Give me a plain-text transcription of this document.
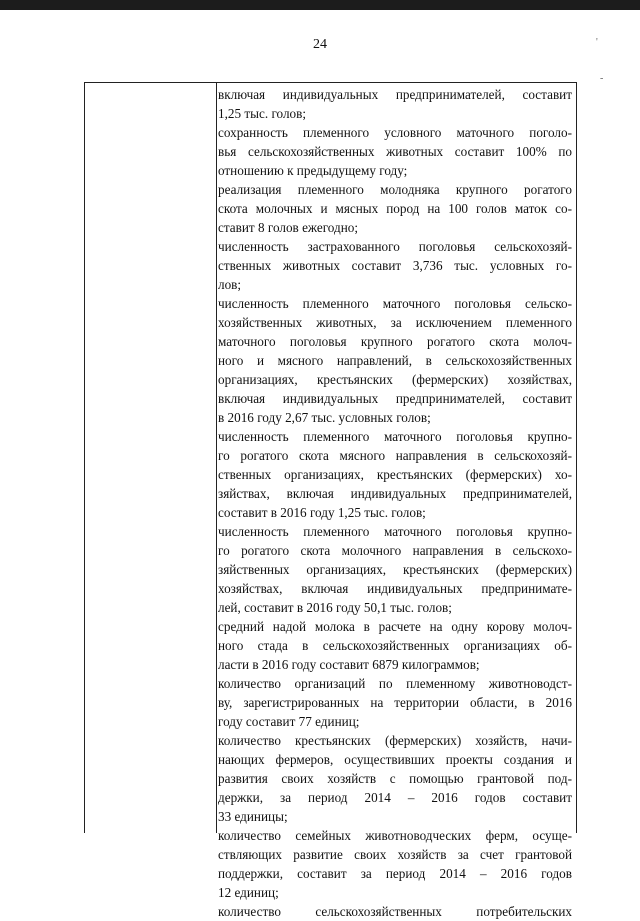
'
-
24
включая индивидуальных предпринимателей, составит
1,25 тыс. голов;
сохранность племенного условного маточного поголо-
вья сельскохозяйственных животных составит 100% по
отношению к предыдущему году;
реализация племенного молодняка крупного рогатого
скота молочных и мясных пород на 100 голов маток со-
ставит 8 голов ежегодно;
численность застрахованного поголовья сельскохозяй-
ственных животных составит 3,736 тыс. условных го-
лов;
численность племенного маточного поголовья сельско-
хозяйственных животных, за исключением племенного
маточного поголовья крупного рогатого скота молоч-
ного и мясного направлений, в сельскохозяйственных
организациях, крестьянских (фермерских) хозяйствах,
включая индивидуальных предпринимателей, составит
в 2016 году 2,67 тыс. условных голов;
численность племенного маточного поголовья крупно-
го рогатого скота мясного направления в сельскохозяй-
ственных организациях, крестьянских (фермерских) хо-
зяйствах, включая индивидуальных предпринимателей,
составит в 2016 году 1,25 тыс. голов;
численность племенного маточного поголовья крупно-
го рогатого скота молочного направления в сельскохо-
зяйственных организациях, крестьянских (фермерских)
хозяйствах, включая индивидуальных предпринимате-
лей, составит в 2016 году 50,1 тыс. голов;
средний надой молока в расчете на одну корову молоч-
ного стада в сельскохозяйственных организациях об-
ласти в 2016 году составит 6879 килограммов;
количество организаций по племенному животноводст-
ву, зарегистрированных на территории области, в 2016
году составит 77 единиц;
количество крестьянских (фермерских) хозяйств, начи-
нающих фермеров, осуществивших проекты создания и
развития своих хозяйств с помощью грантовой под-
держки, за период 2014 – 2016 годов составит
33 единицы;
количество семейных животноводческих ферм, осуще-
ствляющих развитие своих хозяйств за счет грантовой
поддержки, составит за период 2014 – 2016 годов
12 единиц;
количество сельскохозяйственных потребительских
